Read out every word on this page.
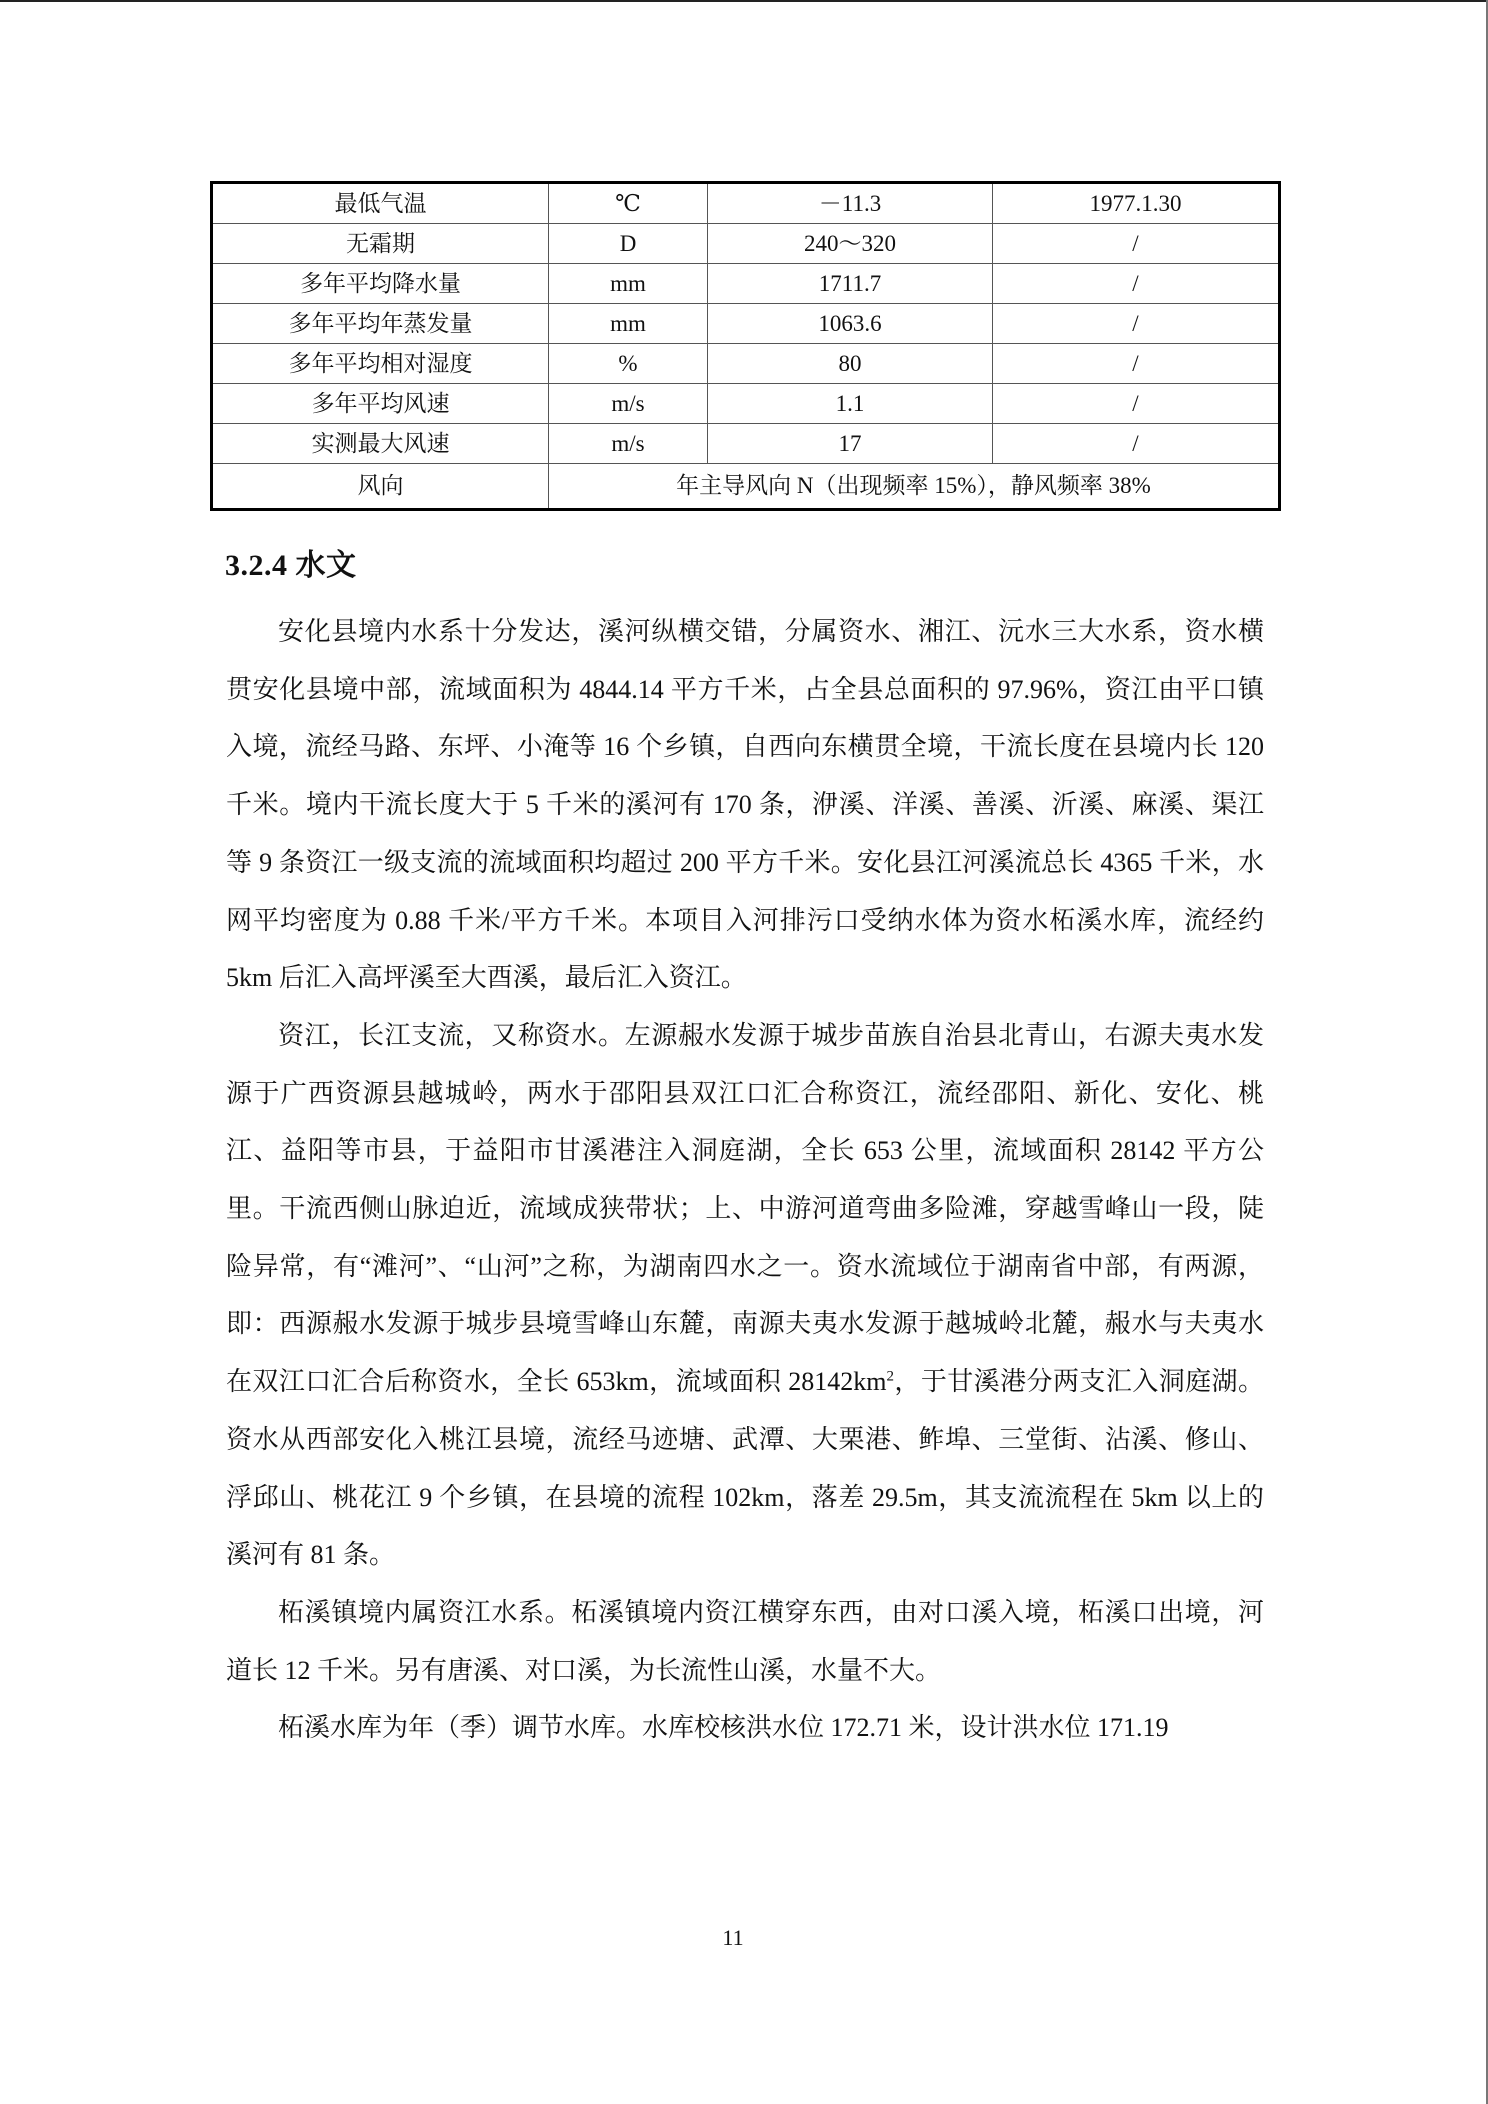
最低气温	℃	－11.3	1977.1.30
无霜期	D	240～320	/
多年平均降水量	mm	1711.7	/
多年平均年蒸发量	mm	1063.6	/
多年平均相对湿度	%	80	/
多年平均风速	m/s	1.1	/
实测最大风速	m/s	17	/
风向	年主导风向 N（出现频率 15%），静风频率 38%		
3.2.4 水文

安化县境内水系十分发达，溪河纵横交错，分属资水、湘江、沅水三大水系，资水横贯安化县境中部，流域面积为 4844.14 平方千米，占全县总面积的 97.96%，资江由平口镇入境，流经马路、东坪、小淹等 16 个乡镇，自西向东横贯全境，干流长度在县境内长 120 千米。境内干流长度大于 5 千米的溪河有 170 条，洢溪、洋溪、善溪、沂溪、麻溪、渠江等 9 条资江一级支流的流域面积均超过 200 平方千米。安化县江河溪流总长 4365 千米，水网平均密度为 0.88 千米/平方千米。本项目入河排污口受纳水体为资水柘溪水库，流经约 5km 后汇入高坪溪至大酉溪，最后汇入资江。

资江，长江支流，又称资水。左源赧水发源于城步苗族自治县北青山，右源夫夷水发源于广西资源县越城岭，两水于邵阳县双江口汇合称资江，流经邵阳、新化、安化、桃江、益阳等市县，于益阳市甘溪港注入洞庭湖，全长 653 公里，流域面积 28142 平方公里。干流西侧山脉迫近，流域成狭带状；上、中游河道弯曲多险滩，穿越雪峰山一段，陡险异常，有“滩河”、“山河”之称，为湖南四水之一。资水流域位于湖南省中部，有两源，即：西源赧水发源于城步县境雪峰山东麓，南源夫夷水发源于越城岭北麓，赧水与夫夷水在双江口汇合后称资水，全长 653km，流域面积 $28142km^2$，于甘溪港分两支汇入洞庭湖。资水从西部安化入桃江县境，流经马迹塘、武潭、大栗港、鲊埠、三堂街、沾溪、修山、浮邱山、桃花江 9 个乡镇，在县境的流程 102km，落差 29.5m，其支流流程在 5km 以上的溪河有 81 条。

柘溪镇境内属资江水系。柘溪镇境内资江横穿东西，由对口溪入境，柘溪口出境，河道长 12 千米。另有唐溪、对口溪，为长流性山溪，水量不大。

柘溪水库为年（季）调节水库。水库校核洪水位 172.71 米，设计洪水位 171.19

11
